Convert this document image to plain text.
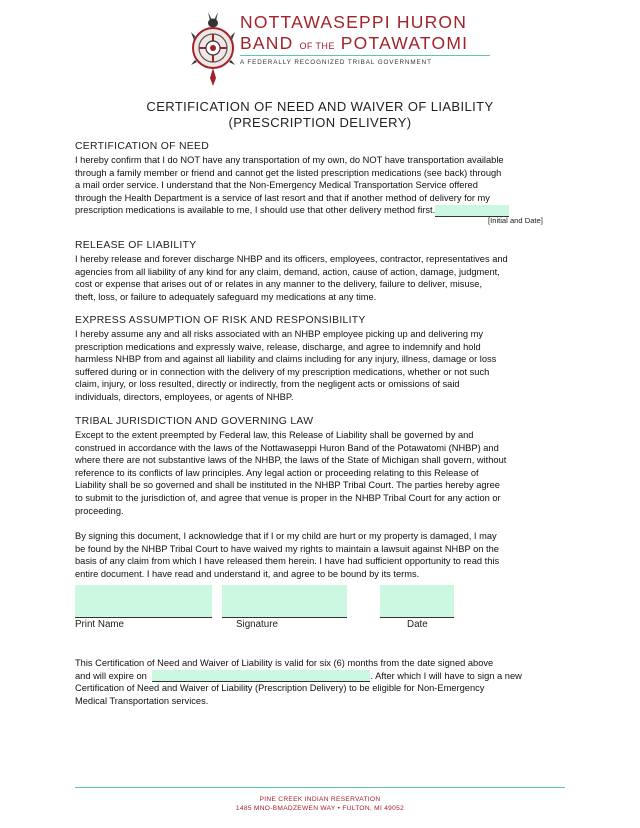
NOTTAWASEPPI HURON
BAND OF THE POTAWATOMI
A FEDERALLY RECOGNIZED TRIBAL GOVERNMENT
CERTIFICATION OF NEED AND WAIVER OF LIABILITY
(PRESCRIPTION DELIVERY)
CERTIFICATION OF NEED
I hereby confirm that I do NOT have any transportation of my own, do NOT have transportation available
through a family member or friend and cannot get the listed prescription medications (see back) through
a mail order service. I understand that the Non-Emergency Medical Transportation Service offered
through the Health Department is a service of last resort and that if another method of delivery for my
prescription medications is available to me, I should use that other delivery method first.
[Initial and Date]
RELEASE OF LIABILITY
I hereby release and forever discharge NHBP and its officers, employees, contractor, representatives and
agencies from all liability of any kind for any claim, demand, action, cause of action, damage, judgment,
cost or expense that arises out of or relates in any manner to the delivery, failure to deliver, misuse,
theft, loss, or failure to adequately safeguard my medications at any time.
EXPRESS ASSUMPTION OF RISK AND RESPONSIBILITY
I hereby assume any and all risks associated with an NHBP employee picking up and delivering my
prescription medications and expressly waive, release, discharge, and agree to indemnify and hold
harmless NHBP from and against all liability and claims including for any injury, illness, damage or loss
suffered during or in connection with the delivery of my prescription medications, whether or not such
claim, injury, or loss resulted, directly or indirectly, from the negligent acts or omissions of said
individuals, directors, employees, or agents of NHBP.
TRIBAL JURISDICTION AND GOVERNING LAW
Except to the extent preempted by Federal law, this Release of Liability shall be governed by and
construed in accordance with the laws of the Nottawaseppi Huron Band of the Potawatomi (NHBP) and
where there are not substantive laws of the NHBP, the laws of the State of Michigan shall govern, without
reference to its conflicts of law principles. Any legal action or proceeding relating to this Release of
Liability shall be so governed and shall be instituted in the NHBP Tribal Court. The parties hereby agree
to submit to the jurisdiction of, and agree that venue is proper in the NHBP Tribal Court for any action or
proceeding.
By signing this document, I acknowledge that if I or my child are hurt or my property is damaged, I may
be found by the NHBP Tribal Court to have waived my rights to maintain a lawsuit against NHBP on the
basis of any claim from which I have released them herein. I have had sufficient opportunity to read this
entire document. I have read and understand it, and agree to be bound by its terms.
Print Name	Signature	Date
This Certification of Need and Waiver of Liability is valid for six (6) months from the date signed above
and will expire on	. After which I will have to sign a new
Certification of Need and Waiver of Liability (Prescription Delivery) to be eligible for Non-Emergency
Medical Transportation services.
PINE CREEK INDIAN RESERVATION
1485 MNO-BMADZEWEN WAY • FULTON, MI 49052
